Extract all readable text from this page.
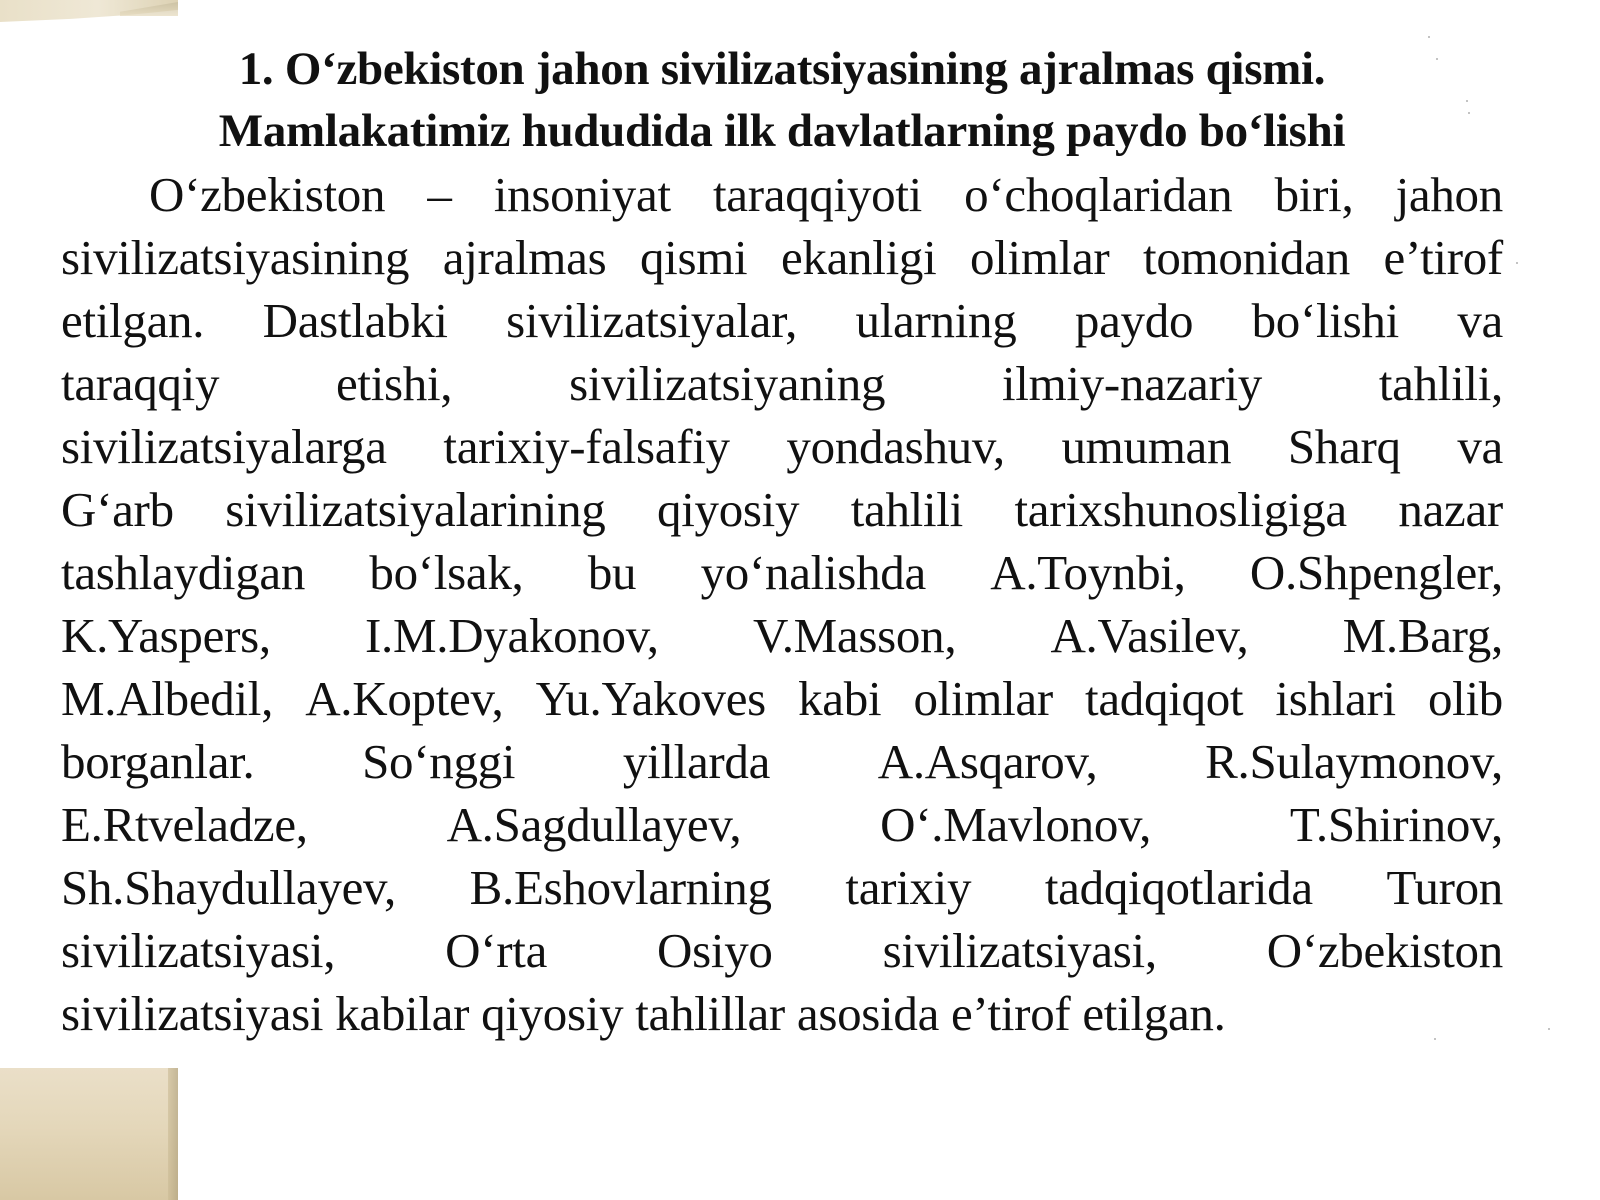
1. O‘zbekiston jahon sivilizatsiyasining ajralmas qismi.
Mamlakatimiz hududida ilk davlatlarning paydo bo‘lishi
O‘zbekiston – insoniyat taraqqiyoti o‘choqlaridan biri, jahon
sivilizatsiyasining ajralmas qismi ekanligi olimlar tomonidan e’tirof
etilgan. Dastlabki sivilizatsiyalar, ularning paydo bo‘lishi va
taraqqiy etishi, sivilizatsiyaning ilmiy-nazariy tahlili,
sivilizatsiyalarga tarixiy-falsafiy yondashuv, umuman Sharq va
G‘arb sivilizatsiyalarining qiyosiy tahlili tarixshunosligiga nazar
tashlaydigan bo‘lsak, bu yo‘nalishda A.Toynbi, O.Shpengler,
K.Yaspers, I.M.Dyakonov, V.Masson, A.Vasilev, M.Barg,
M.Albedil, A.Koptev, Yu.Yakoves kabi olimlar tadqiqot ishlari olib
borganlar. So‘nggi yillarda A.Asqarov, R.Sulaymonov,
E.Rtveladze,	A.Sagdullayev,	O‘.Mavlonov,	T.Shirinov,
Sh.Shaydullayev, B.Eshovlarning tarixiy tadqiqotlarida Turon
sivilizatsiyasi, O‘rta Osiyo sivilizatsiyasi, O‘zbekiston
sivilizatsiyasi kabilar qiyosiy tahlillar asosida e’tirof etilgan.
